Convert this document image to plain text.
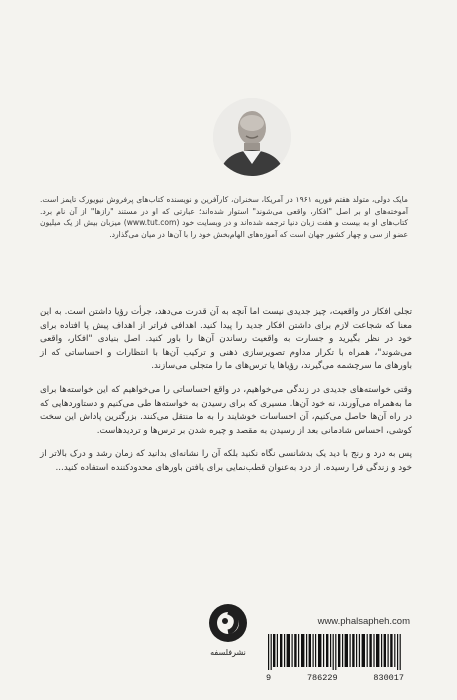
مایک دولی، متولد هفتم فوریه ۱۹۶۱ در آمریکا، سخنران، کارآفرین و نویسنده کتاب‌های پرفروش نیویورک تایمز است. آموخته‌های او بر اصل "افکار، واقعی می‌شوند" استوار شده‌اند؛ عبارتی که او در مستند "رازها" از آن نام برد. کتاب‌های او به بیست و هفت زبان دنیا ترجمه شده‌اند و در وبسایت خود (www.tut.com) میزبان بیش از یک میلیون عضو از سی و چهار کشور جهان است که آموزه‌های الهام‌بخش خود را با آن‌ها در میان می‌گذارد.

تجلی افکار در واقعیت، چیز جدیدی نیست اما آنچه به آن قدرت می‌دهد، جرأت رؤیا داشتن است. به این معنا که شجاعت لازم برای داشتن افکار جدید را پیدا کنید. اهدافی فراتر از اهداف پیش پا افتاده برای خود در نظر بگیرید و جسارت به واقعیت رساندن آن‌ها را باور کنید. اصل بنیادی "افکار، واقعی می‌شوند"، همراه با تکرار مداوم تصویرسازی ذهنی و ترکیب آن‌ها با انتظارات و احساساتی که از باورهای ما سرچشمه می‌گیرند، رؤیاها یا ترس‌های ما را متجلی می‌سازند.

وقتی خواسته‌های جدیدی در زندگی می‌خواهیم، در واقع احساساتی را می‌خواهیم که این خواسته‌ها برای ما به‌همراه می‌آورند، نه خود آن‌ها. مسیری که برای رسیدن به خواسته‌ها طی می‌کنیم و دستاوردهایی که در راه آن‌ها حاصل می‌کنیم، آن احساسات خوشایند را به ما منتقل می‌کنند. بزرگترین پاداش این سخت کوشی، احساس شادمانی بعد از رسیدن به مقصد و چیره شدن بر ترس‌ها و تردیدهاست.

پس به درد و رنج با دید یک بدشانسی نگاه نکنید بلکه آن را نشانه‌ای بدانید که زمان رشد و درک بالاتر از خود و زندگی فرا رسیده. از درد به‌عنوان قطب‌نمایی برای یافتن باورهای محدودکننده استفاده کنید...

نشرفلسفه
www.phalsapheh.com
9	786229	830017
